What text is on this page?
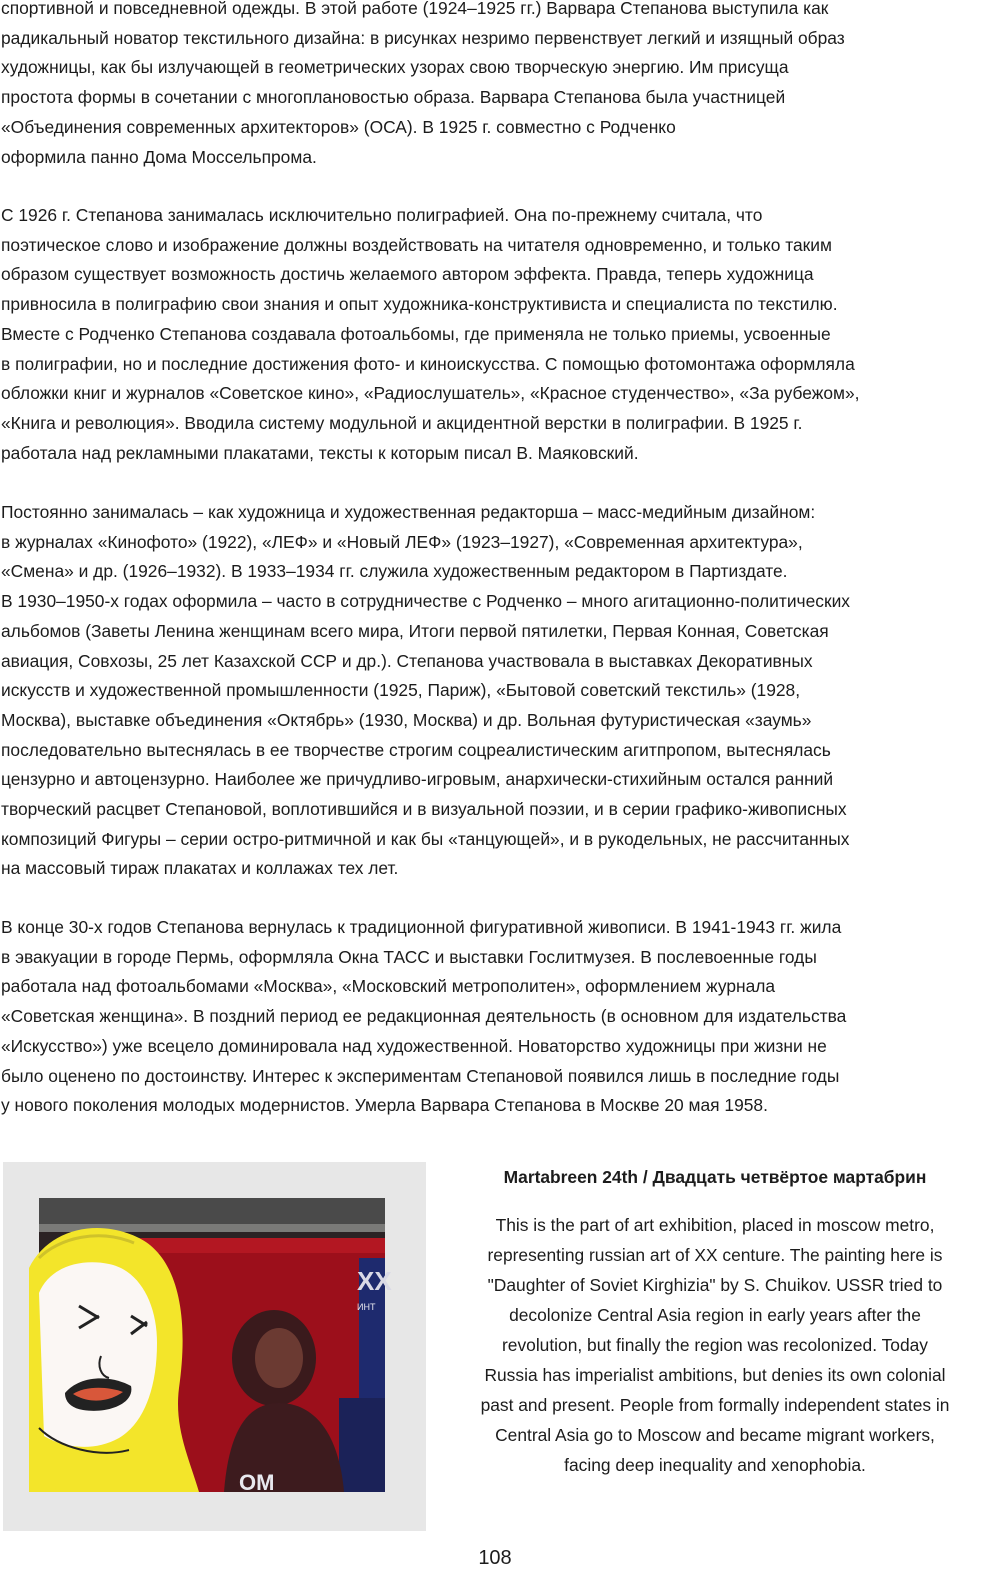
спортивной и повседневной одежды. В этой работе (1924–1925 гг.) Варвара Степанова выступила как
радикальный новатор текстильного дизайна: в рисунках незримо первенствует легкий и изящный образ
художницы, как бы излучающей в геометрических узорах свою творческую энергию. Им присуща
простота формы в сочетании с многоплановостью образа. Варвара Степанова была участницей
«Объединения современных архитекторов» (ОСА). В 1925 г. совместно с Родченко
оформила панно Дома Моссельпрома.

С 1926 г. Степанова занималась исключительно полиграфией. Она по-прежнему считала, что
поэтическое слово и изображение должны воздействовать на читателя одновременно, и только таким
образом существует возможность достичь желаемого автором эффекта. Правда, теперь художница
привносила в полиграфию свои знания и опыт художника-конструктивиста и специалиста по текстилю.
Вместе с Родченко Степанова создавала фотоальбомы, где применяла не только приемы, усвоенные
в полиграфии, но и последние достижения фото- и киноискусства. С помощью фотомонтажа оформляла
обложки книг и журналов «Советское кино», «Радиослушатель», «Красное студенчество», «За рубежом»,
«Книга и революция». Вводила систему модульной и акцидентной верстки в полиграфии. В 1925 г.
работала над рекламными плакатами, тексты к которым писал В. Маяковский.

Постоянно занималась – как художница и художественная редакторша – масс-медийным дизайном:
в журналах «Кинофото» (1922), «ЛЕФ» и «Новый ЛЕФ» (1923–1927), «Современная архитектура»,
«Смена» и др. (1926–1932). В 1933–1934 гг. служила художественным редактором в Партиздате.
В 1930–1950-х годах оформила – часто в сотрудничестве с Родченко – много агитационно-политических
альбомов (Заветы Ленина женщинам всего мира, Итоги первой пятилетки, Первая Конная, Советская
авиация, Совхозы, 25 лет Казахской ССР и др.). Степанова участвовала в выставках Декоративных
искусств и художественной промышленности (1925, Париж), «Бытовой советский текстиль» (1928,
Москва), выставке объединения «Октябрь» (1930, Москва) и др. Вольная футуристическая «заумь»
последовательно вытеснялась в ее творчестве строгим соцреалистическим агитпропом, вытеснялась
цензурно и автоцензурно. Наиболее же причудливо-игровым, анархически-стихийным остался ранний
творческий расцвет Степановой, воплотившийся и в визуальной поэзии, и в серии графико-живописных
композиций Фигуры – серии остро-ритмичной и как бы «танцующей», и в рукодельных, не рассчитанных
на массовый тираж плакатах и коллажах тех лет.

В конце 30-х годов Степанова вернулась к традиционной фигуративной живописи. В 1941-1943 гг. жила
в эвакуации в городе Пермь, оформляла Окна ТАСС и выставки Гослитмузея. В послевоенные годы
работала над фотоальбомами «Москва», «Московский метрополитен», оформлением журнала
«Советская женщина». В поздний период ее редакционная деятельность (в основном для издательства
«Искусство») уже всецело доминировала над художественной. Новаторство художницы при жизни не
было оценено по достоинству. Интерес к экспериментам Степановой появился лишь в последние годы
у нового поколения молодых модернистов. Умерла Варвара Степанова в Москве 20 мая 1958.

XX
ИНТ
ОМ

Martabreen 24th / Двадцать четвёртое мартабрин

This is the part of art exhibition, placed in moscow metro,
representing russian art of XX centure. The painting here is
"Daughter of Soviet Kirghizia" by S. Chuikov. USSR tried to
decolonize Central Asia region in early years after the
revolution, but finally the region was recolonized. Today
Russia has imperialist ambitions, but denies its own colonial
past and present. People from formally independent states in
Central Asia go to Moscow and became migrant workers,
facing deep inequality and xenophobia.
108
